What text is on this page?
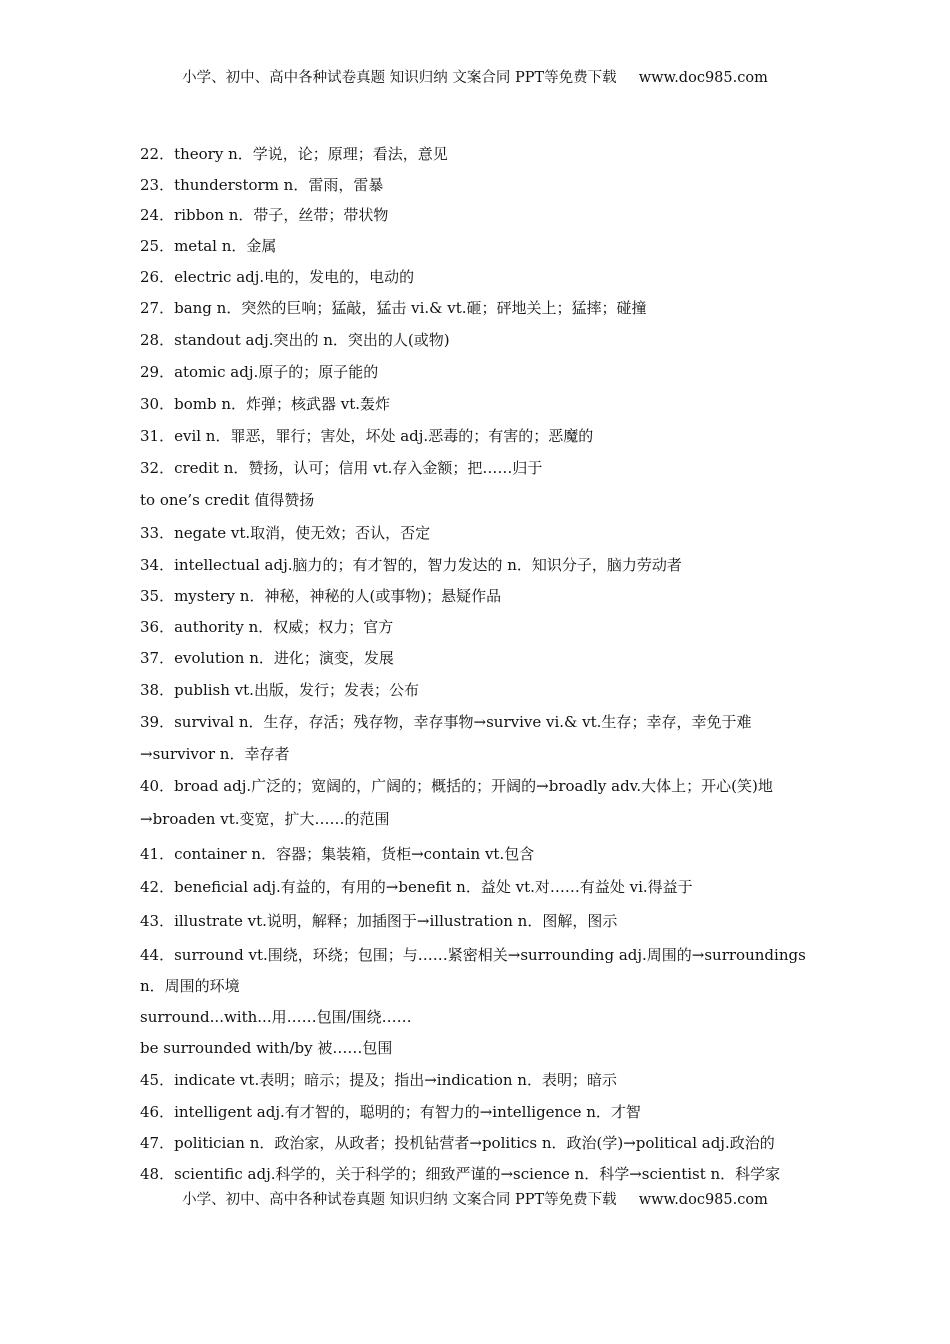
小学、初中、高中各种试卷真题 知识归纳 文案合同 PPT等免费下载 www.doc985.com
22．theory n．学说，论；原理；看法，意见
23．thunderstorm n．雷雨，雷暴
24．ribbon n．带子，丝带；带状物
25．metal n．金属
26．electric adj.电的，发电的，电动的
27．bang n．突然的巨响；猛敲，猛击 vi.& vt.砸；砰地关上；猛摔；碰撞
28．standout adj.突出的 n．突出的人(或物)
29．atomic adj.原子的；原子能的
30．bomb n．炸弹；核武器 vt.轰炸
31．evil n．罪恶，罪行；害处，坏处 adj.恶毒的；有害的；恶魔的
32．credit n．赞扬，认可；信用 vt.存入金额；把……归于
to one’s credit 值得赞扬
33．negate vt.取消，使无效；否认，否定
34．intellectual adj.脑力的；有才智的，智力发达的 n．知识分子，脑力劳动者
35．mystery n．神秘，神秘的人(或事物)；悬疑作品
36．authority n．权威；权力；官方
37．evolution n．进化；演变，发展
38．publish vt.出版，发行；发表；公布
39．survival n．生存，存活；残存物，幸存事物→survive vi.& vt.生存；幸存，幸免于难
→survivor n．幸存者
40．broad adj.广泛的；宽阔的，广阔的；概括的；开阔的→broadly adv.大体上；开心(笑)地
→broaden vt.变宽，扩大……的范围
41．container n．容器；集装箱，货柜→contain vt.包含
42．beneficial adj.有益的，有用的→benefit n．益处 vt.对……有益处 vi.得益于
43．illustrate vt.说明，解释；加插图于→illustration n．图解，图示
44．surround vt.围绕，环绕；包围；与……紧密相关→surrounding adj.周围的→surroundings
n．周围的环境
surround...with...用……包围/围绕……
be surrounded with/by 被……包围
45．indicate vt.表明；暗示；提及；指出→indication n．表明；暗示
46．intelligent adj.有才智的，聪明的；有智力的→intelligence n．才智
47．politician n．政治家，从政者；投机钻营者→politics n．政治(学)→political adj.政治的
48．scientific adj.科学的，关于科学的；细致严谨的→science n．科学→scientist n．科学家
小学、初中、高中各种试卷真题 知识归纳 文案合同 PPT等免费下载 www.doc985.com
